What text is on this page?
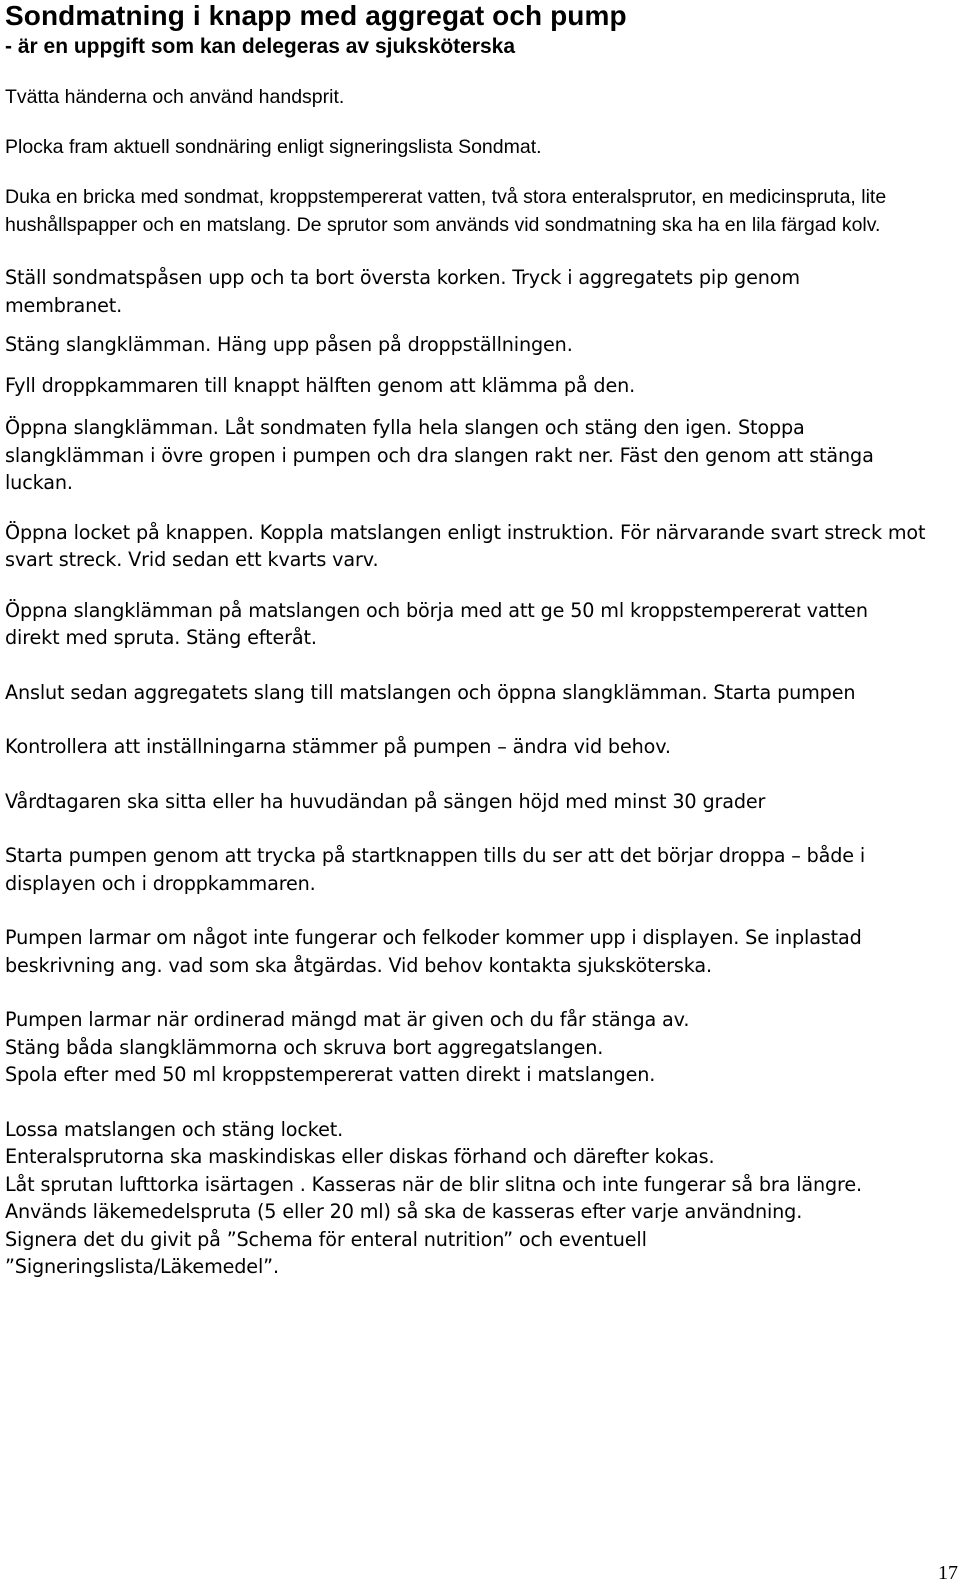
Sondmatning i knapp med aggregat och pump
- är en uppgift som kan delegeras av sjuksköterska

Tvätta händerna och använd handsprit.

Plocka fram aktuell sondnäring enligt signeringslista Sondmat.

Duka en bricka med sondmat, kroppstempererat vatten, två stora enteralsprutor, en medicinspruta, lite hushållspapper och en matslang. De sprutor som används vid sondmatning ska ha en lila färgad kolv.

Ställ sondmatspåsen upp och ta bort översta korken. Tryck i aggregatets pip genom membranet.

Stäng slangklämman. Häng upp påsen på droppställningen.

Fyll droppkammaren till knappt hälften genom att klämma på den.

Öppna slangklämman. Låt sondmaten fylla hela slangen och stäng den igen. Stoppa slangklämman i övre gropen i pumpen och dra slangen rakt ner. Fäst den genom att stänga luckan.

Öppna locket på knappen. Koppla matslangen enligt instruktion. För närvarande svart streck mot svart streck. Vrid sedan ett kvarts varv.

Öppna slangklämman på matslangen och börja med att ge 50 ml kroppstempererat vatten direkt med spruta. Stäng efteråt.

Anslut sedan aggregatets slang till matslangen och öppna slangklämman. Starta pumpen

Kontrollera att inställningarna stämmer på pumpen – ändra vid behov.

Vårdtagaren ska sitta eller ha huvudändan på sängen höjd med minst 30 grader

Starta pumpen genom att trycka på startknappen tills du ser att det börjar droppa – både i displayen och i droppkammaren.

Pumpen larmar om något inte fungerar och felkoder kommer upp i displayen. Se inplastad beskrivning ang. vad som ska åtgärdas. Vid behov kontakta sjuksköterska.

Pumpen larmar när ordinerad mängd mat är given och du får stänga av.

Stäng båda slangklämmorna och skruva bort aggregatslangen.

Spola efter med 50 ml kroppstempererat vatten direkt i matslangen.

Lossa matslangen och stäng locket.

Enteralsprutorna ska maskindiskas eller diskas förhand och därefter kokas.

Låt sprutan lufttorka isärtagen . Kasseras när de blir slitna och inte fungerar så bra längre.

Används läkemedelspruta (5 eller 20 ml) så ska de kasseras efter varje användning.

Signera det du givit på ”Schema för enteral nutrition” och eventuell ”Signeringslista/Läkemedel”.

17
